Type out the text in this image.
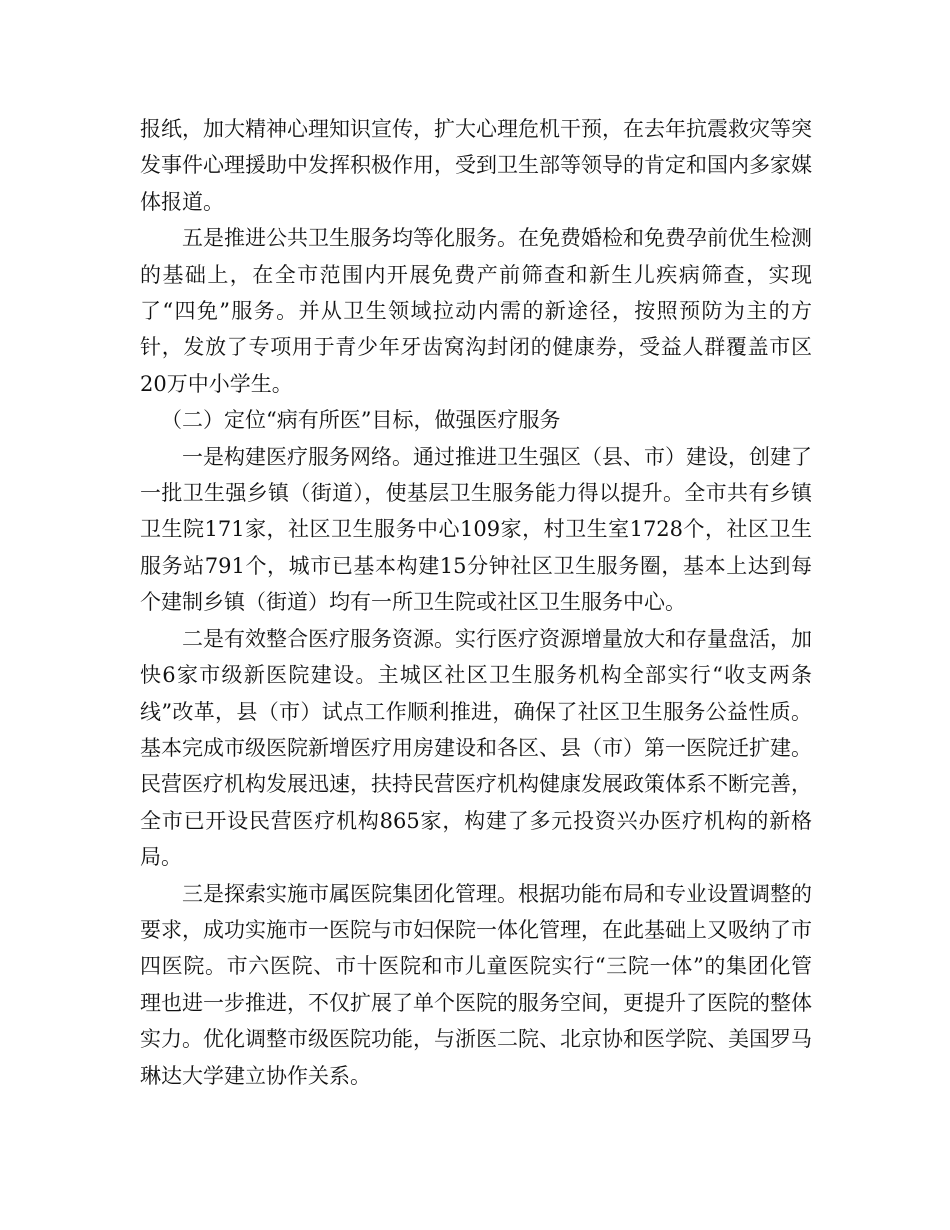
报纸，加大精神心理知识宣传，扩大心理危机干预，在去年抗震救灾等突发事件心理援助中发挥积极作用，受到卫生部等领导的肯定和国内多家媒体报道。

五是推进公共卫生服务均等化服务。在免费婚检和免费孕前优生检测的基础上，在全市范围内开展免费产前筛查和新生儿疾病筛查，实现了“四免”服务。并从卫生领域拉动内需的新途径，按照预防为主的方针，发放了专项用于青少年牙齿窝沟封闭的健康券，受益人群覆盖市区20万中小学生。

（二）定位“病有所医”目标，做强医疗服务

一是构建医疗服务网络。通过推进卫生强区（县、市）建设，创建了一批卫生强乡镇（街道），使基层卫生服务能力得以提升。全市共有乡镇卫生院171家，社区卫生服务中心109家，村卫生室1728个，社区卫生服务站791个，城市已基本构建15分钟社区卫生服务圈，基本上达到每个建制乡镇（街道）均有一所卫生院或社区卫生服务中心。

二是有效整合医疗服务资源。实行医疗资源增量放大和存量盘活，加快6家市级新医院建设。主城区社区卫生服务机构全部实行“收支两条线”改革，县（市）试点工作顺利推进，确保了社区卫生服务公益性质。基本完成市级医院新增医疗用房建设和各区、县（市）第一医院迁扩建。民营医疗机构发展迅速，扶持民营医疗机构健康发展政策体系不断完善，全市已开设民营医疗机构865家，构建了多元投资兴办医疗机构的新格局。

三是探索实施市属医院集团化管理。根据功能布局和专业设置调整的要求，成功实施市一医院与市妇保院一体化管理，在此基础上又吸纳了市四医院。市六医院、市十医院和市儿童医院实行“三院一体”的集团化管理也进一步推进，不仅扩展了单个医院的服务空间，更提升了医院的整体实力。优化调整市级医院功能，与浙医二院、北京协和医学院、美国罗马琳达大学建立协作关系。
